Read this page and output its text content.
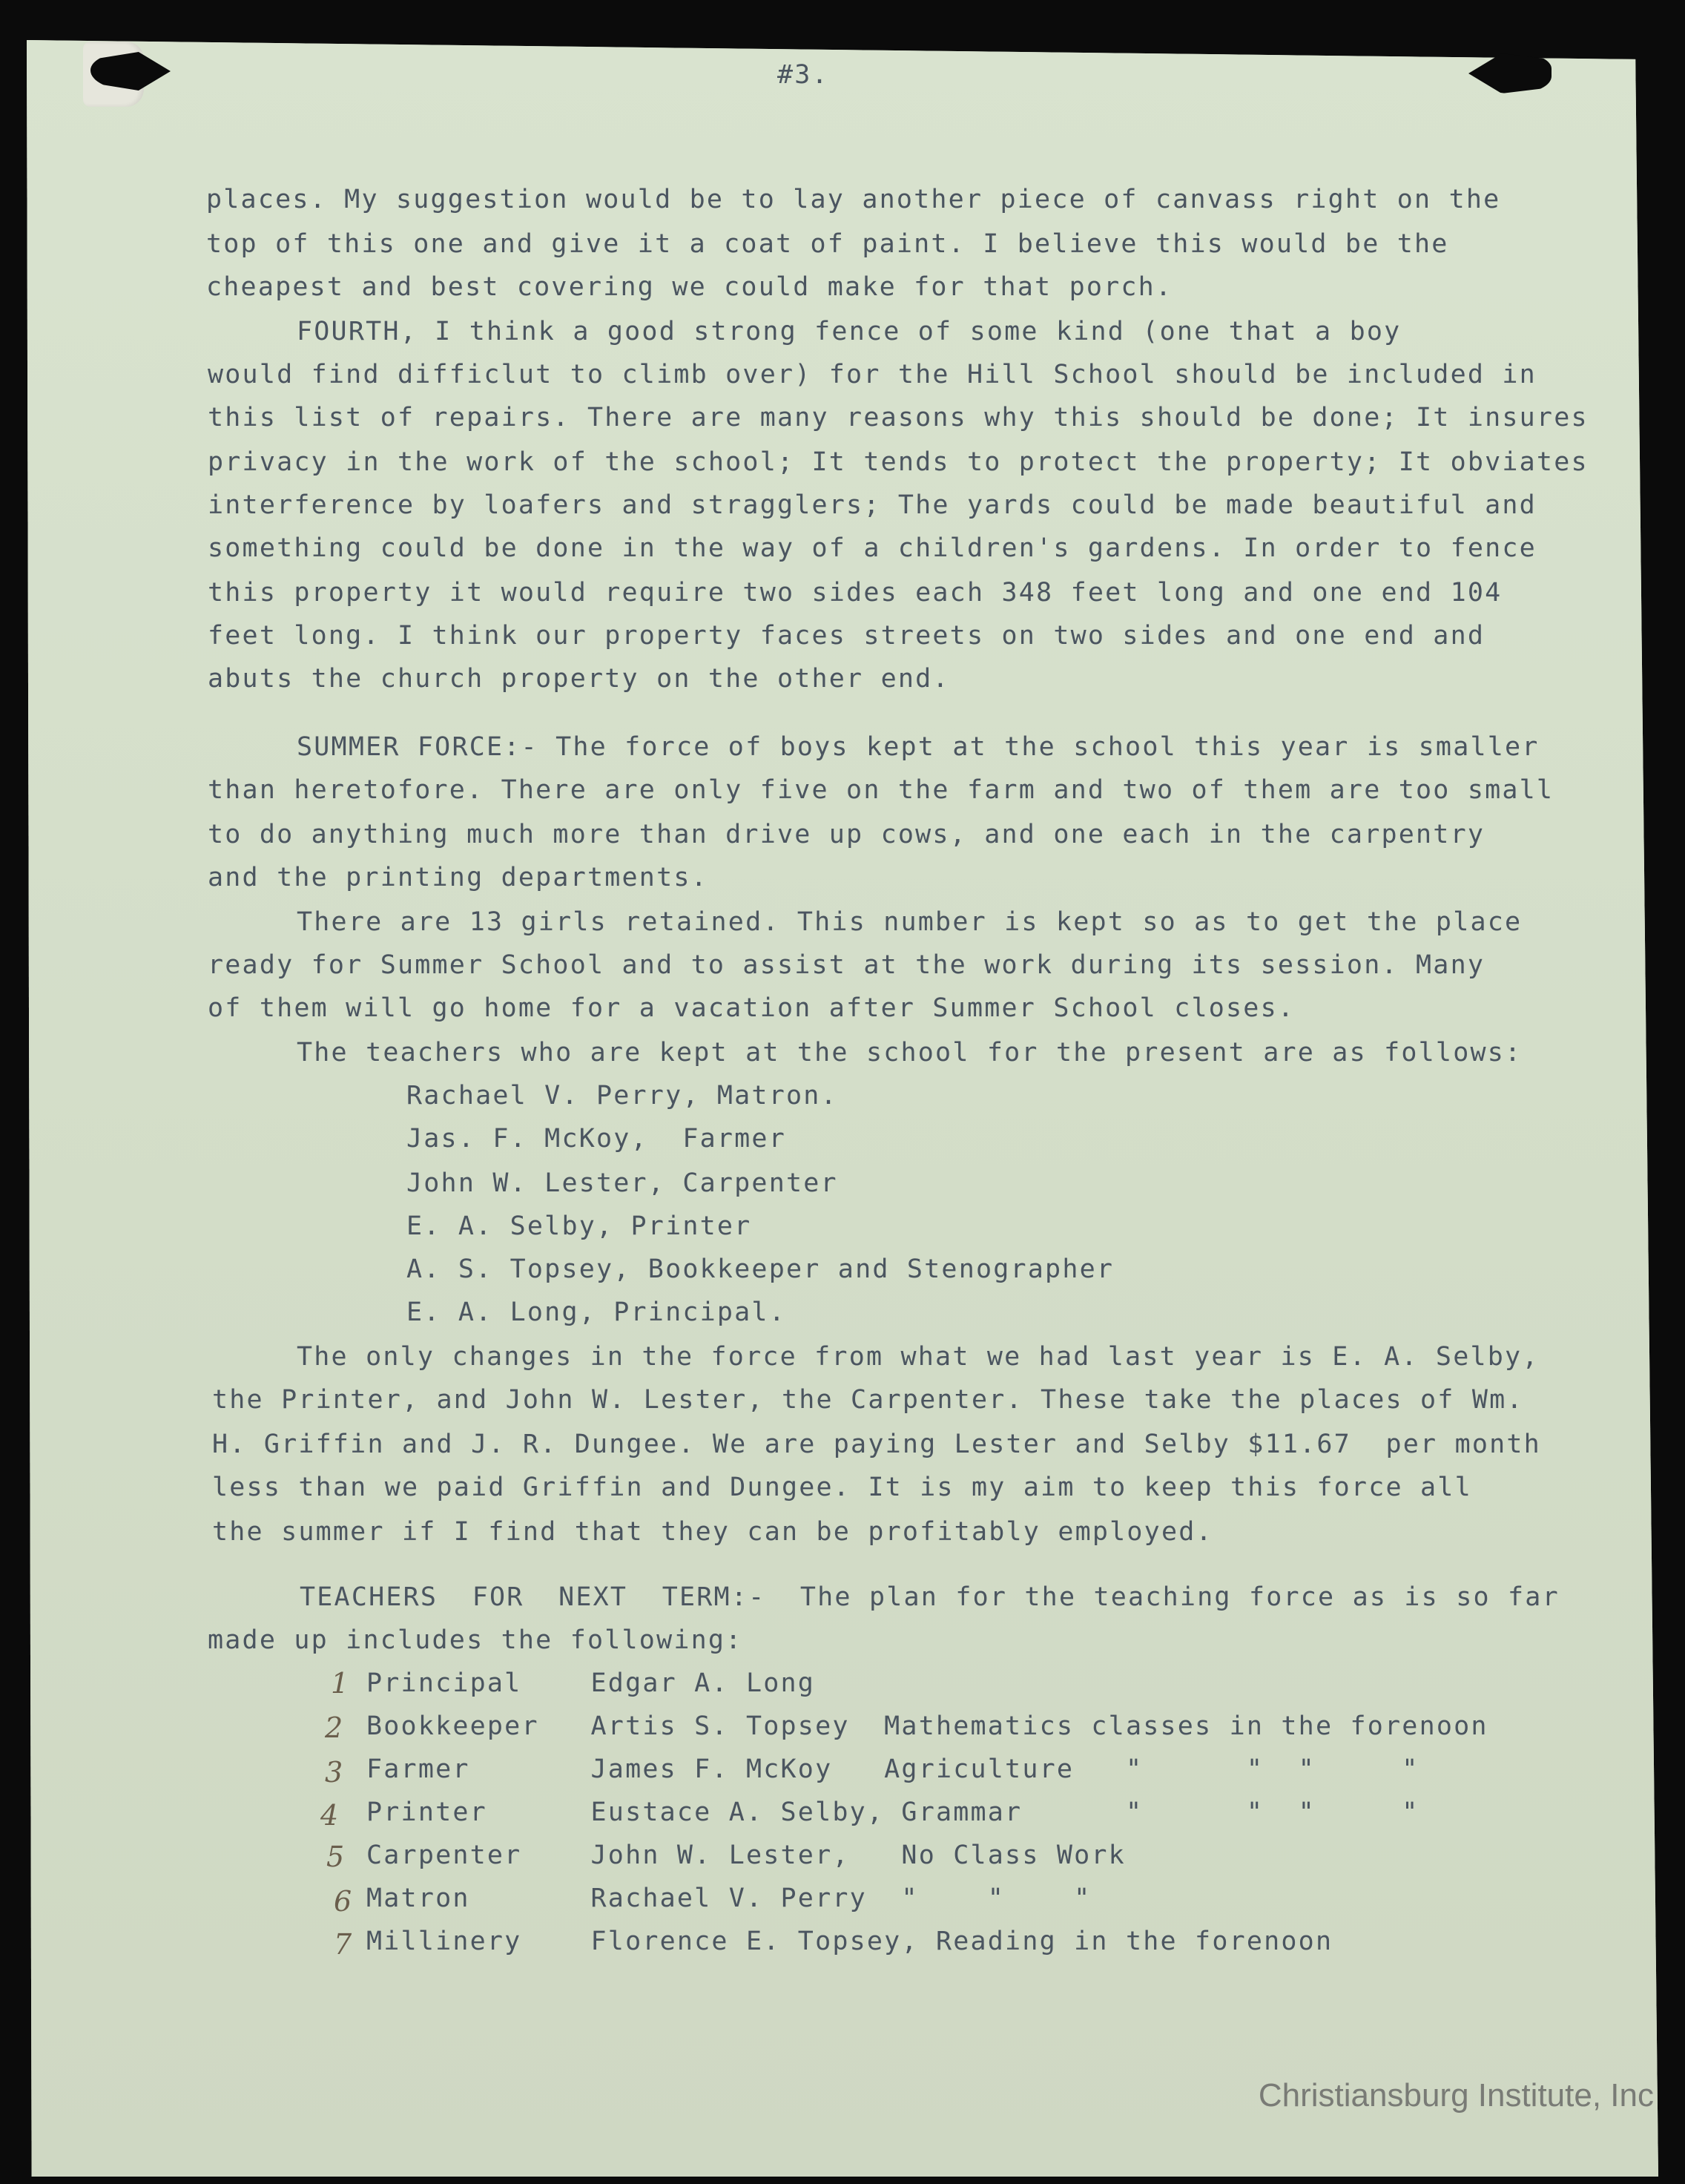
#3.
places. My suggestion would be to lay another piece of canvass right on the
top of this one and give it a coat of paint. I believe this would be the
cheapest and best covering we could make for that porch.
FOURTH, I think a good strong fence of some kind (one that a boy
would find difficlut to climb over) for the Hill School should be included in
this list of repairs. There are many reasons why this should be done; It insures
privacy in the work of the school; It tends to protect the property; It obviates
interference by loafers and stragglers; The yards could be made beautiful and
something could be done in the way of a children's gardens. In order to fence
this property it would require two sides each 348 feet long and one end 104
feet long. I think our property faces streets on two sides and one end and
abuts the church property on the other end.
SUMMER FORCE:- The force of boys kept at the school this year is smaller
than heretofore. There are only five on the farm and two of them are too small
to do anything much more than drive up cows, and one each in the carpentry
and the printing departments.
There are 13 girls retained. This number is kept so as to get the place
ready for Summer School and to assist at the work during its session. Many
of them will go home for a vacation after Summer School closes.
The teachers who are kept at the school for the present are as follows:
Rachael V. Perry, Matron.
Jas. F. McKoy,  Farmer
John W. Lester, Carpenter
E. A. Selby, Printer
A. S. Topsey, Bookkeeper and Stenographer
E. A. Long, Principal.
The only changes in the force from what we had last year is E. A. Selby,
the Printer, and John W. Lester, the Carpenter. These take the places of Wm.
H. Griffin and J. R. Dungee. We are paying Lester and Selby $11.67  per month
less than we paid Griffin and Dungee. It is my aim to keep this force all
the summer if I find that they can be profitably employed.
TEACHERS  FOR  NEXT  TERM:-  The plan for the teaching force as is so far
made up includes the following:
1 Principal    Edgar A. Long
2 Bookkeeper   Artis S. Topsey  Mathematics classes in the forenoon
3 Farmer       James F. McKoy   Agriculture   "      "  "     "
4 Printer      Eustace A. Selby, Grammar      "      "  "     "
5 Carpenter    John W. Lester,   No Class Work
6 Matron       Rachael V. Perry  "    "    "
7 Millinery    Florence E. Topsey, Reading in the forenoon
Christiansburg Institute, Inc
